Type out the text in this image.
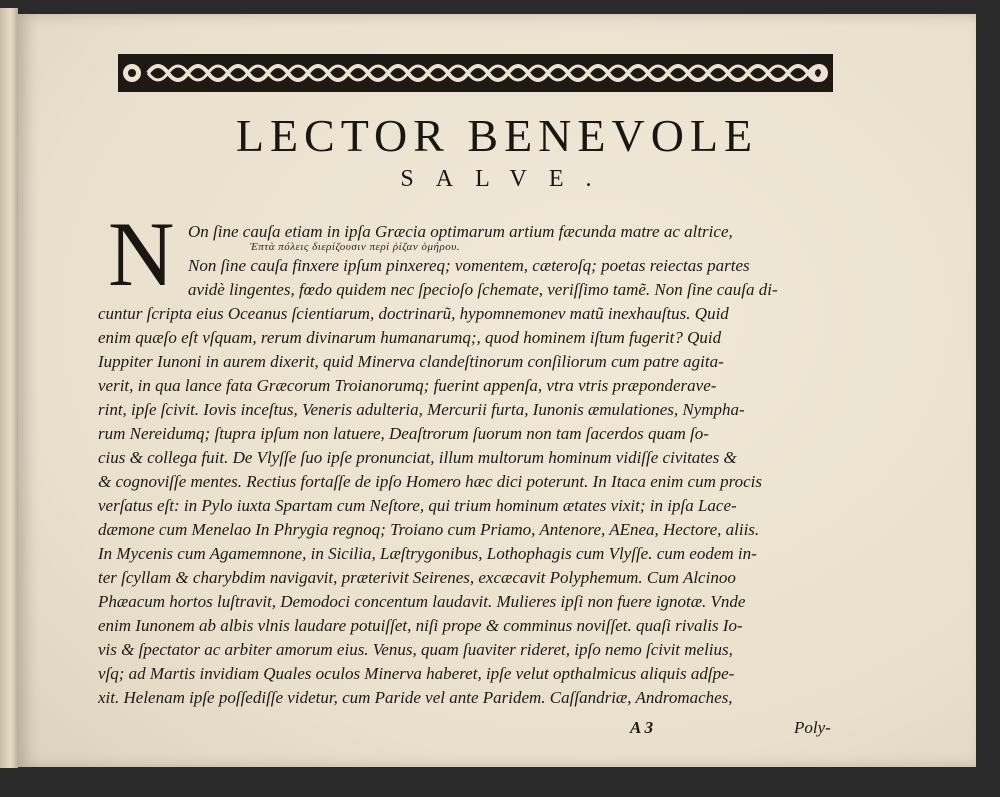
LECTOR BENEVOLE
SALVE.
N	Ἑπτὰ πόλεις διερίζουσιν περὶ ῥίζαν ὁμήρου.
On ſine cauſa etiam in ipſa Græcia optimarum artium fæcunda matre ac altrice,
Non ſine cauſa finxere ipſum pinxereq; vomentem, cæteroſq; poetas reiectas partes
avidè lingentes, fœdo quidem nec ſpecioſo ſchemate, veriſſimo tamẽ. Non ſine cauſa di-
cuntur ſcripta eius Oceanus ſcientiarum, doctrinarũ, hypomnemonev matũ inexhauſtus. Quid
enim quæſo eſt vſquam, rerum divinarum humanarumq;, quod hominem iſtum fugerit? Quid
Iuppiter Iunoni in aurem dixerit, quid Minerva clandeſtinorum conſiliorum cum patre agita-
verit, in qua lance fata Græcorum Troianorumq; fuerint appenſa, vtra vtris præponderave-
rint, ipſe ſcivit. Iovis inceſtus, Veneris adulteria, Mercurii furta, Iunonis æmulationes, Nympha-
rum Nereidumq; ſtupra ipſum non latuere, Deaſtrorum ſuorum non tam ſacerdos quam ſo-
cius & collega fuit. De Vlyſſe ſuo ipſe pronunciat, illum multorum hominum vidiſſe civitates &
& cognoviſſe mentes. Rectius fortaſſe de ipſo Homero hæc dici poterunt. In Itaca enim cum procis
verſatus eſt: in Pylo iuxta Spartam cum Neſtore, qui trium hominum ætates vixit; in ipſa Lace-
dæmone cum Menelao In Phrygia regnoq; Troiano cum Priamo, Antenore, AEnea, Hectore, aliis.
In Mycenis cum Agamemnone, in Sicilia, Læſtrygonibus, Lothophagis cum Vlyſſe. cum eodem in-
ter ſcyllam & charybdim navigavit, præterivit Seirenes, excæcavit Polyphemum. Cum Alcinoo
Phæacum hortos luſtravit, Demodoci concentum laudavit. Mulieres ipſi non fuere ignotæ. Vnde
enim Iunonem ab albis vlnis laudare potuiſſet, niſi prope & comminus noviſſet. quaſi rivalis Io-
vis & ſpectator ac arbiter amorum eius. Venus, quam ſuaviter rideret, ipſo nemo ſcivit melius,
vſq; ad Martis invidiam Quales oculos Minerva haberet, ipſe velut opthalmicus aliquis adſpe-
xit. Helenam ipſe poſſediſſe videtur, cum Paride vel ante Paridem. Caſſandriæ, Andromaches,
A 3	Poly-
